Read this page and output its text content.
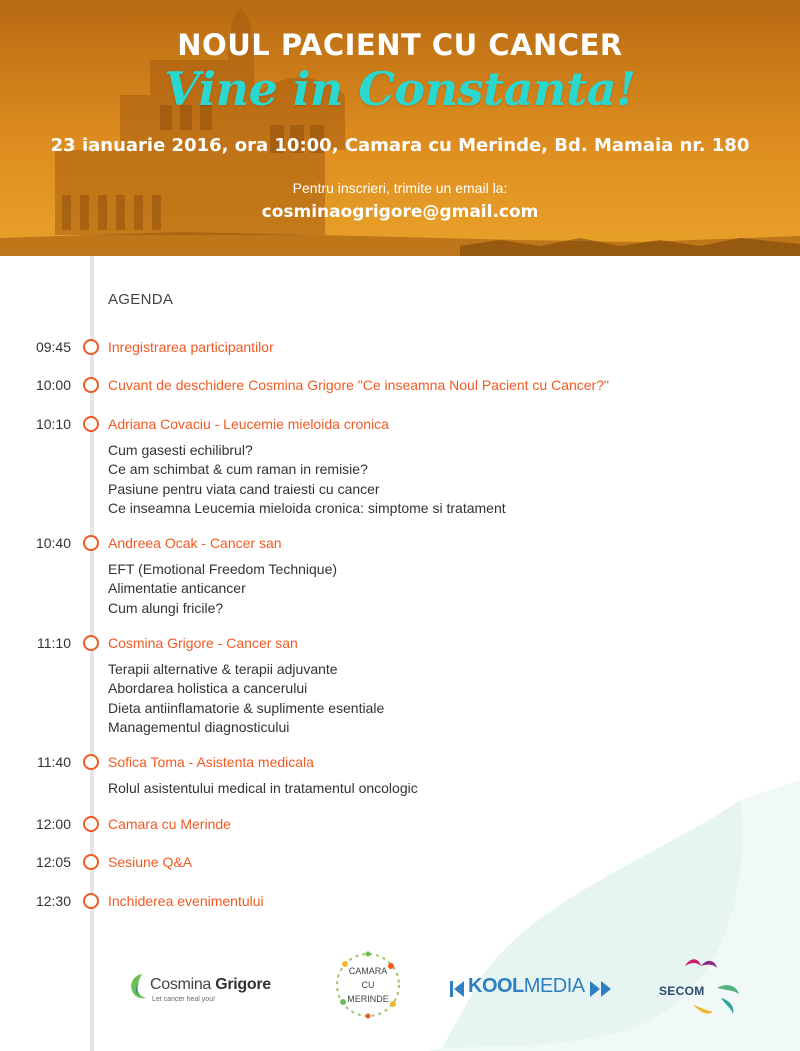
NOUL PACIENT CU CANCER
Vine in Constanta!
23 ianuarie 2016, ora 10:00, Camara cu Merinde, Bd. Mamaia nr. 180
Pentru inscrieri, trimite un email la:
cosminaogrigore@gmail.com
AGENDA
09:45	Inregistrarea participantilor
10:00	Cuvant de deschidere Cosmina Grigore "Ce inseamna Noul Pacient cu Cancer?"
10:10	Adriana Covaciu - Leucemie mieloida cronica
Cum gasesti echilibrul?
Ce am schimbat & cum raman in remisie?
Pasiune pentru viata cand traiesti cu cancer
Ce inseamna Leucemia mieloida cronica: simptome si tratament
10:40	Andreea Ocak - Cancer san
EFT (Emotional Freedom Technique)
Alimentatie anticancer
Cum alungi fricile?
11:10	Cosmina Grigore - Cancer san
Terapii alternative & terapii adjuvante
Abordarea holistica a cancerului
Dieta antiinflamatorie & suplimente esentiale
Managementul diagnosticului
11:40	Sofica Toma - Asistenta medicala
Rolul asistentului medical in tratamentul oncologic
12:00	Camara cu Merinde
12:05	Sesiune Q&A
12:30	Inchiderea evenimentului
Cosmina Grigore
Let cancer heal you!
CAMARA
CU
MERINDE
KOOLMEDIA	SECOM
